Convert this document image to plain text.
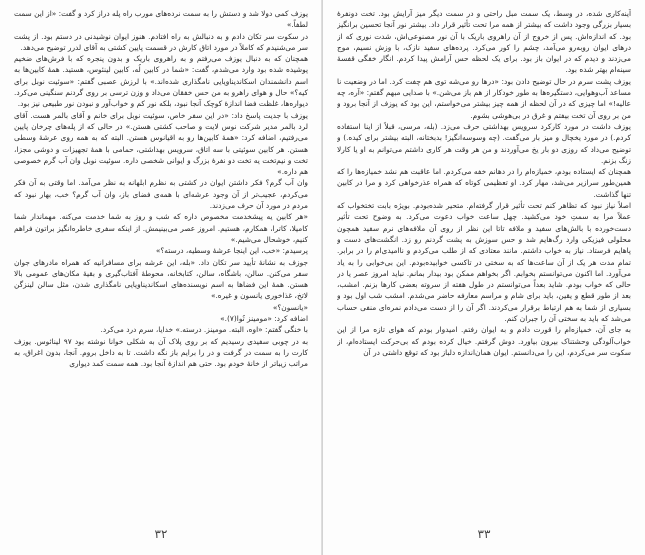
یوزف کمی دولا شد و دستش را به سمت نرده‌های مورب راه پله دراز کرد و گفت: «از این سمت لطفاً.»

در سکوت سر تکان دادم و به دنبالش به راه افتادم. هنوز ایوان نوشیدنی در دستم بود. از پشت سر می‌شنیدم که کاملاً در مورد اتاق کارش در قسمت پایین کشتی به آقای لدرر توضیح می‌دهد.

همچنان که به دنبال یوزف می‌رفتم و به راهروی باریک و بدون پنجره که با فرش‌های ضخیم پوشیده شده بود وارد می‌شدم، گفت: «شما در کابین لُه، کابین لینئوس، هستید. همهٔ کابین‌ها به اسم دانشمندان اسکاندیناویایی نامگذاری شده‌اند.» با لرزش عصبی گفتم: «سوئیت نوبل برای کیه؟» حال و هوای راهرو به من حس خفقان می‌داد و وزن ترسی بر روی گردنم سنگینی می‌کرد. دیواره‌ها، غلظت فضا اندازهٔ کوچک آنجا نبود، بلکه نور کم و خواب‌آور و نبودن نور طبیعی نیز بود.

یوزف با جدیت پاسخ داد: «در این سفر خاص، سوئیت نوبل برای خانم و آقای بالمر هست. آقای لرد بالمر مدیر شرکت نوس لایت و صاحب کشتی هستن.» در حالی که از پله‌های چرخان پایین می‌رفتیم، اضافه کرد: «همهٔ کابین‌ها رو به اقیانوس هستن. البته که به همه روی عرشهٔ وسطی هستن. هر کابین سوئیتی با سه اتاق، سرویس بهداشتی، حمامی با همهٔ تجهیزات و دوشی مجزا، تخت و نیم‌تخت یه تخت دو نفرهٔ بزرگ و ایوانی شخصی داره. سوئیت نوبل وان آب گرم خصوصی هم داره.»

وان آب گرم؟ فکر داشتن ایوان در کشتی به نظرم ابلهانه به نظر می‌آمد. اما وقتی به آن فکر می‌کردم، عجیب‌تر از آن وجود عرشه‌ای با همه‌ی فضای باز، وان آب گرم؟ خب، بهار نبود که مردم در مورد آن حرف می‌زدند.

«هر کابین یه پیشخدمت مخصوص داره که شب و روز به شما خدمت می‌کنه. مهماندار شما کامیلا، کاترا، همکارم، هستیم. امروز عصر می‌بینیمش. از اینکه سفری خاطره‌انگیز براتون فراهم کنیم، خوشحال می‌شیم.»

پرسیدم: «خب، این اینجا عرشهٔ وسطیه، درسته؟»

جوزف به نشانهٔ تأیید سر تکان داد. «بله، این عرشه برای مسافرانیه که همراه مادرهای جوان سفر می‌کنن. سالن، باشگاه، سالن، کتابخانه، محوطهٔ آفتاب‌گیری و بقیهٔ مکان‌های عمومی بالا هستن. همهٔ این فضاها به اسم نویسنده‌های اسکاندیناویایی نامگذاری شدن، مثل سالن لینزگن لاتخ، غذاخوری یانسون و غیره.»

«یانسون؟»

اضافه کرد: «مومینز تُوا(۷).»

با خنگی گفتم: «اوه، البته. مومینز. درسته.» خدایا، سرم درد می‌کرد.

به در چوبی سفیدی رسیدیم که بر روی پلاک آن به شکلی خوانا نوشته بود ۹۷ لینائوس. یوزف کارت را به سمت در گرفت و در را برایم باز نگه داشت. تا به داخل بروم. آنجا، بدون اغراق، به مراتب زیباتر از خانهٔ خودم بود. حتی هم اندازهٔ آنجا بود. همه سمت کمد دیواری

۳۲

آینه‌کاری شده، در وسط، یک سمت مبل راحتی و در سمت دیگر میز آرایش بود. تخت دونفرهٔ بسیار بزرگی وجود داشت که بیشتر از همه مرا تحت تأثیر قرار داد. بیشتر نور آنجا تحسین برانگیز بود. که اندازه‌اش. پس از خروج از آن راهروی باریک با آن نور مصنوعی‌اش، شدت نوری که از درهای ایوان روبه‌رو می‌آمد، چشم را کور می‌کرد. پرده‌های سفید نازک، با وزش نسیم، موج می‌زدند و دیدم که در ایوان باز بود. برای یک لحظه حس آرامش پیدا کردم. انگار خفگی قفسهٔ سینه‌ام بهتر شده بود.

یوزف پشت سرم در حال توضیح دادن بود: «درها رو می‌شه توی هم چفت کرد. اما در وضعیت نا مساعد آب‌وهوایی، دستگیره‌ها به طور خودکار از هم باز می‌شن.» با صدایی مبهم گفتم: «آره، چه عالیه!» اما چیزی که در آن لحظه از همه چیز بیشتر می‌خواستم، این بود که یوزف از آنجا برود و من بر روی آن تخت بیفتم و غرق در بی‌هوشی بشوم.

یوزف داشت در مورد کارکرد سرویس بهداشتی حرف می‌زد. (بله، مرسی، قبلاً از اینا استفاده کردم.) در مورد یخچال و میز بار می‌گفت. (چه وسوسه‌انگیز! بدبختانه، البته بیشتر برای کیده.) و توضیح می‌داد که روزی دو بار یخ می‌آوردند و من هر وقت هر کاری داشتم می‌توانم به او یا کارلا زنگ بزنم.

همچنان که ایستاده بودم، خمیازه‌ام را در دهانم خفه می‌کردم. اما عاقبت هم نشد خمیازه‌ها را که همین‌طور سرازیر می‌شد، مهار کرد. او تعظیمی کوتاه که همراه عذرخواهی کرد و مرا در کابین تنها گذاشت.

اصلاً نیاز نبود که تظاهر کنم تحت تأثیر قرار گرفته‌ام. متحیر شده‌بودم. بویژه بابت تختخواب که عملاً مرا به سمتِ خود می‌کشید. چهل ساعت خواب دعوت می‌کرد. به وضوح تحت تأثیر دست‌خورده با بالش‌های سفید و ملافه تا‌تا‌ این نظر از روی آن ملافه‌‌های نرم سفید همچون محلولی فیزیکی وارد رگ‌هایم شد و حس سوزش به پشت گردنم رو زد. انگشت‌های دست و پاهایم فرستاد. نیاز به خواب داشتم. مانند معتادی که از طلب می‌کردم و ناامیدی‌ام را در برابر. تمام مدت هر یک از آن ساعت‌ها که به سختی در تاکسی خوابیده‌بودم. این بی‌خوابی را به یاد می‌آورد. اما اکنون می‌توانستم بخوابم. اگر بخواهم ممکن بود بیدار بمانم. نباید امروز عصر یا در حالی که خواب بودم. شاید بعداً می‌توانستم در طول هفته از سرو‌ته بعضی کارها بزنم. امشب، بعد از طور قطع و یقین، باید برای شام و مراسم معارفه حاضر می‌شدم. امشب شب اول بود و بسیاری از شما به هم ارتباط برقرار می‌کردند. اگر آن را از دست می‌دادم نمره‌ای منفی حساب می‌شد که باید به سختی آن را جبران کنم.

به جای آن، خمیازه‌ام را قورت دادم و به ایوان رفتم. امیدوار بودم که هوای تازه مرا از این خواب‌آلودگی وحشتناک بیرون بیاورد. دوش گرفتم. خیال کرده بودم که بی‌حرکت ایستاده‌ام، از سکوت سر می‌کردم، این را می‌دانستم. ایوان همان‌اندازه دلباز بود که توقع داشتی در آن

۳۳
